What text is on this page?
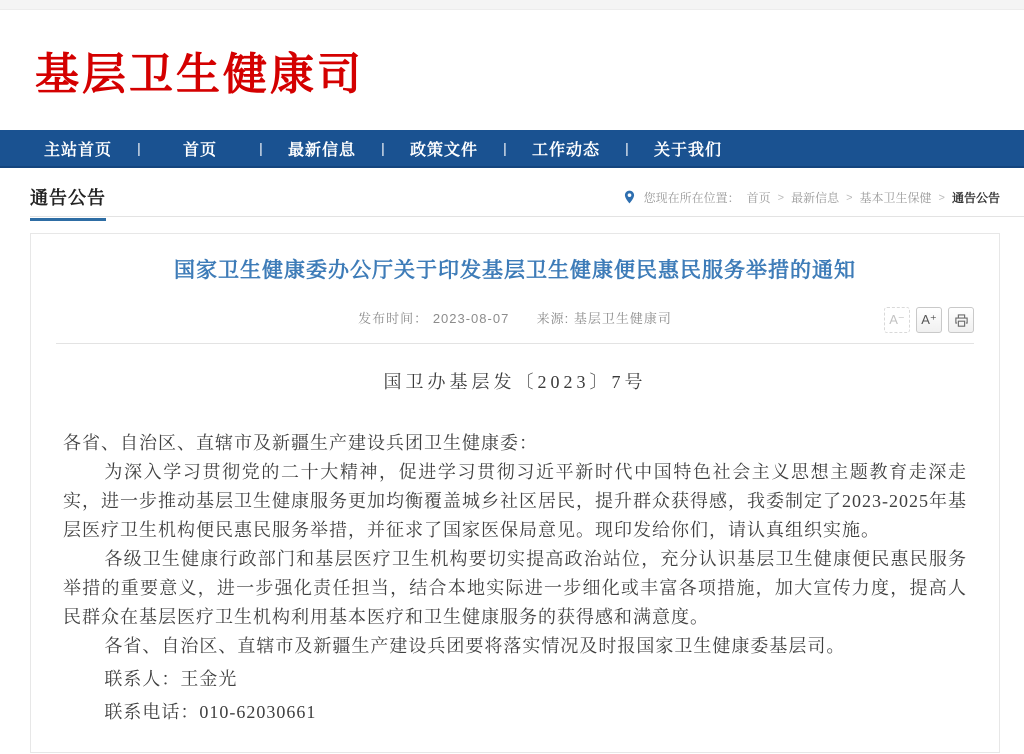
基层卫生健康司
主站首页	|	首页	|	最新信息	|	政策文件	|	工作动态	|	关于我们
通告公告	您现在所在位置： 首页 > 最新信息 > 基本卫生保健 > 通告公告
国家卫生健康委办公厅关于印发基层卫生健康便民惠民服务举措的通知
发布时间： 2023-08-07 来源: 基层卫生健康司	A⁻	A⁺
国卫办基层发〔2023〕7号

各省、自治区、直辖市及新疆生产建设兵团卫生健康委：

为深入学习贯彻党的二十大精神，促进学习贯彻习近平新时代中国特色社会主义思想主题教育走深走实，进一步推动基层卫生健康服务更加均衡覆盖城乡社区居民，提升群众获得感，我委制定了2023-2025年基层医疗卫生机构便民惠民服务举措，并征求了国家医保局意见。现印发给你们，请认真组织实施。

各级卫生健康行政部门和基层医疗卫生机构要切实提高政治站位，充分认识基层卫生健康便民惠民服务举措的重要意义，进一步强化责任担当，结合本地实际进一步细化或丰富各项措施，加大宣传力度，提高人民群众在基层医疗卫生机构利用基本医疗和卫生健康服务的获得感和满意度。

各省、自治区、直辖市及新疆生产建设兵团要将落实情况及时报国家卫生健康委基层司。

联系人：王金光

联系电话：010-62030661
